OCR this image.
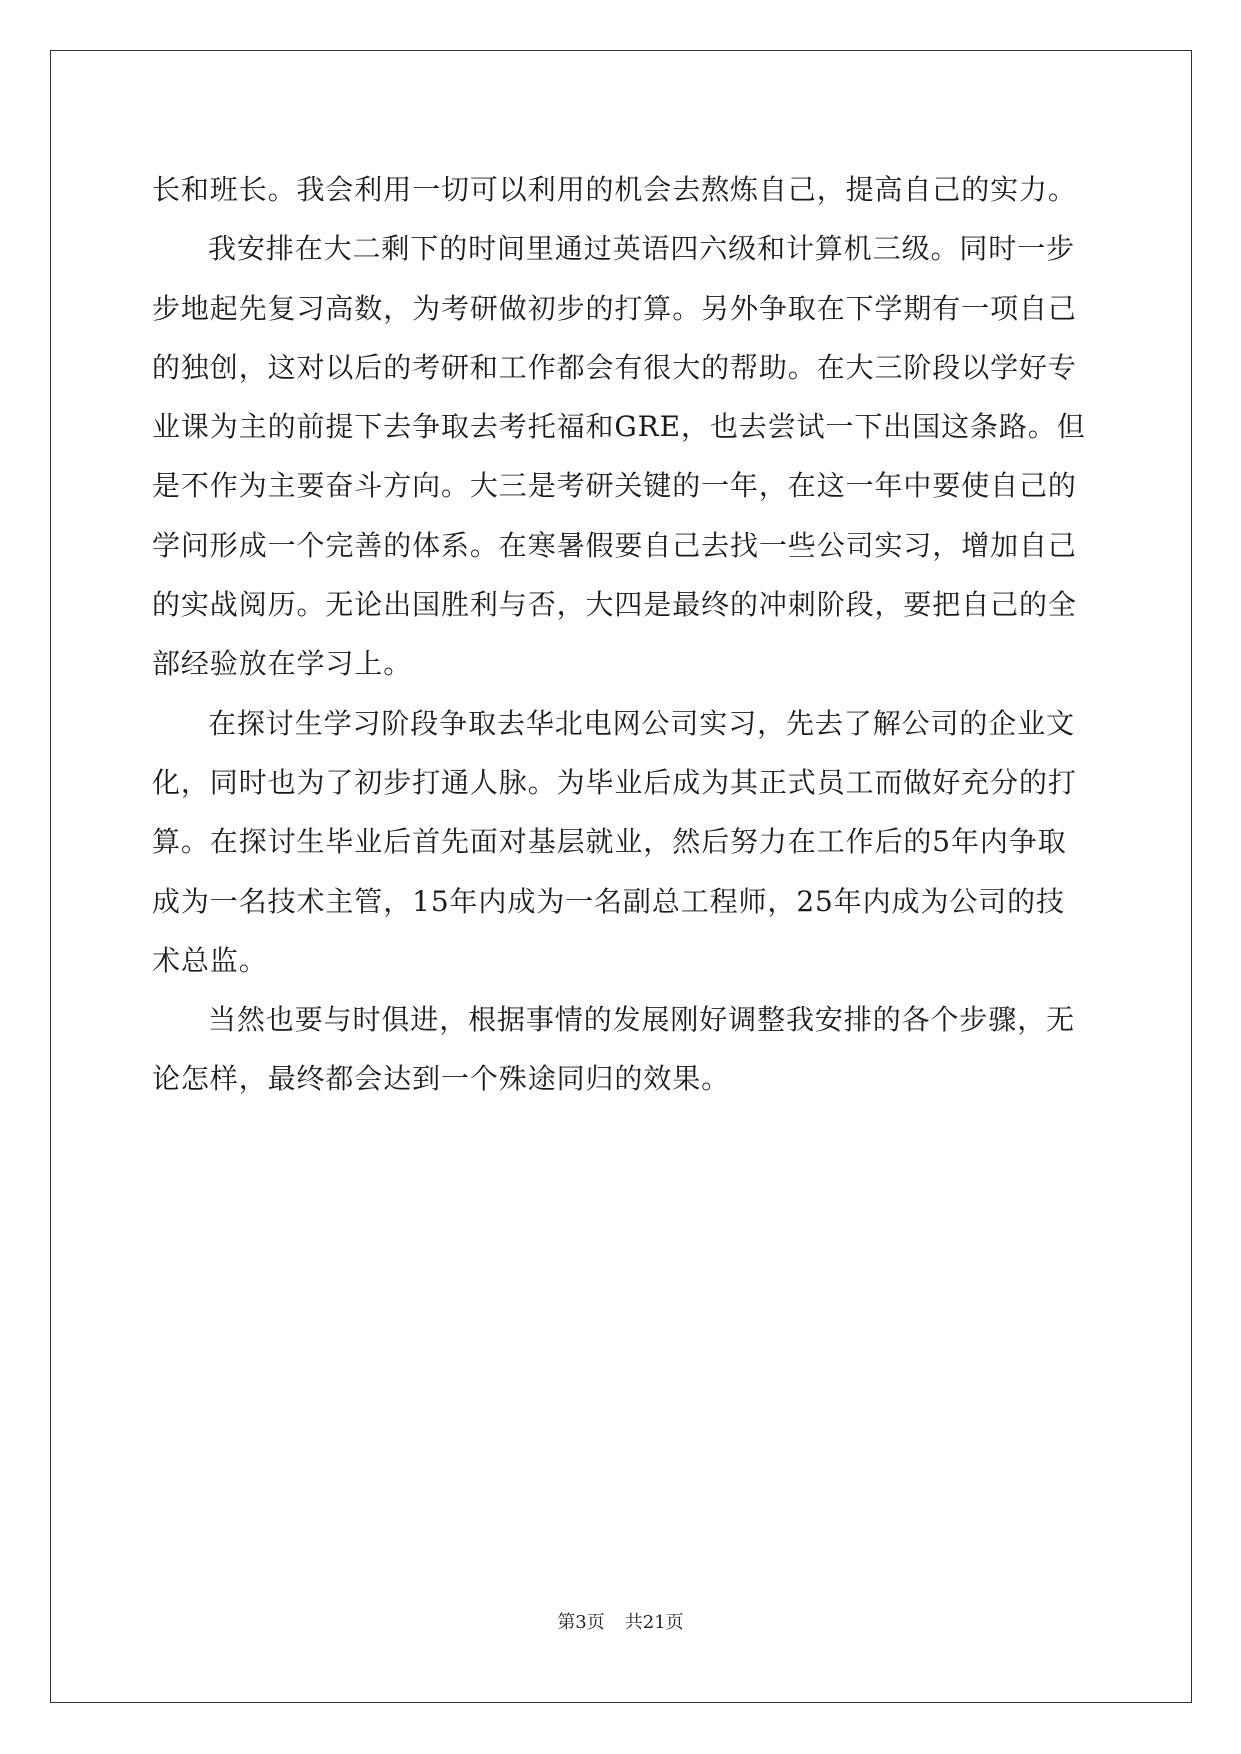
长和班长。我会利用一切可以利用的机会去熬炼自己，提高自己的实力。

我安排在大二剩下的时间里通过英语四六级和计算机三级。同时一步步地起先复习高数，为考研做初步的打算。另外争取在下学期有一项自己的独创，这对以后的考研和工作都会有很大的帮助。在大三阶段以学好专业课为主的前提下去争取去考托福和GRE，也去尝试一下出国这条路。但是不作为主要奋斗方向。大三是考研关键的一年，在这一年中要使自己的学问形成一个完善的体系。在寒暑假要自己去找一些公司实习，增加自己的实战阅历。无论出国胜利与否，大四是最终的冲刺阶段，要把自己的全部经验放在学习上。

在探讨生学习阶段争取去华北电网公司实习，先去了解公司的企业文化，同时也为了初步打通人脉。为毕业后成为其正式员工而做好充分的打算。在探讨生毕业后首先面对基层就业，然后努力在工作后的5年内争取成为一名技术主管，15年内成为一名副总工程师，25年内成为公司的技术总监。

当然也要与时俱进，根据事情的发展刚好调整我安排的各个步骤，无论怎样，最终都会达到一个殊途同归的效果。

第3页 共21页
